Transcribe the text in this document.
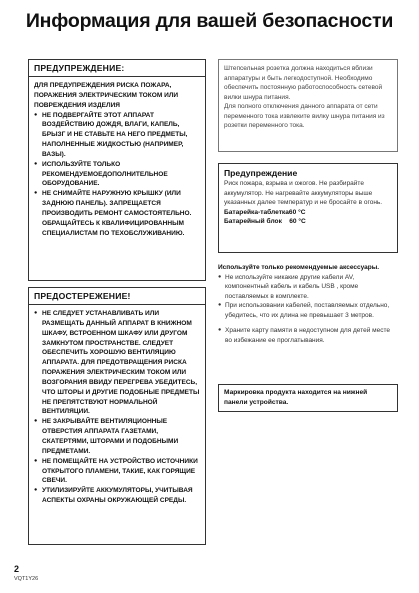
Информация для вашей безопасности
ПРЕДУПРЕЖДЕНИЕ:
ДЛЯ ПРЕДУПРЕЖДЕНИЯ РИСКА ПОЖАРА, ПОРАЖЕНИЯ ЭЛЕКТРИЧЕСКИМ ТОКОМ ИЛИ ПОВРЕЖДЕНИЯ ИЗДЕЛИЯ
● НЕ ПОДВЕРГАЙТЕ ЭТОТ АППАРАТ ВОЗДЕЙСТВИЮ ДОЖДЯ, ВЛАГИ, КАПЕЛЬ, БРЫЗГ И НЕ СТАВЬТЕ НА НЕГО ПРЕДМЕТЫ, НАПОЛНЕННЫЕ ЖИДКОСТЬЮ (НАПРИМЕР, ВАЗЫ).
● ИСПОЛЬЗУЙТЕ ТОЛЬКО РЕКОМЕНДУЕМОЕДОПОЛНИТЕЛЬНОЕ ОБОРУДОВАНИЕ.
● НЕ СНИМАЙТЕ НАРУЖНУЮ КРЫШКУ (ИЛИ ЗАДНЮЮ ПАНЕЛЬ). ЗАПРЕЩАЕТСЯ ПРОИЗВОДИТЬ РЕМОНТ САМОСТОЯТЕЛЬНО. ОБРАЩАЙТЕСЬ К КВАЛИФИЦИРОВАННЫМ СПЕЦИАЛИСТАМ ПО ТЕХОБСЛУЖИВАНИЮ.
ПРЕДОСТЕРЕЖЕНИЕ!
● НЕ СЛЕДУЕТ УСТАНАВЛИВАТЬ ИЛИ РАЗМЕЩАТЬ ДАННЫЙ АППАРАТ В КНИЖНОМ ШКАФУ, ВСТРОЕННОМ ШКАФУ ИЛИ ДРУГОМ ЗАМКНУТОМ ПРОСТРАНСТВЕ. СЛЕДУЕТ ОБЕСПЕЧИТЬ ХОРОШУЮ ВЕНТИЛЯЦИЮ АППАРАТА. ДЛЯ ПРЕДОТВРАЩЕНИЯ РИСКА ПОРАЖЕНИЯ ЭЛЕКТРИЧЕСКИМ ТОКОМ ИЛИ ВОЗГОРАНИЯ ВВИДУ ПЕРЕГРЕВА УБЕДИТЕСЬ, ЧТО ШТОРЫ И ДРУГИЕ ПОДОБНЫЕ ПРЕДМЕТЫ НЕ ПРЕПЯТСТВУЮТ НОРМАЛЬНОЙ ВЕНТИЛЯЦИИ.
● НЕ ЗАКРЫВАЙТЕ ВЕНТИЛЯЦИОННЫЕ ОТВЕРСТИЯ АППАРАТА ГАЗЕТАМИ, СКАТЕРТЯМИ, ШТОРАМИ И ПОДОБНЫМИ ПРЕДМЕТАМИ.
● НЕ ПОМЕЩАЙТЕ НА УСТРОЙСТВО ИСТОЧНИКИ ОТКРЫТОГО ПЛАМЕНИ, ТАКИЕ, КАК ГОРЯЩИЕ СВЕЧИ.
● УТИЛИЗИРУЙТЕ АККУМУЛЯТОРЫ, УЧИТЫВАЯ АСПЕКТЫ ОХРАНЫ ОКРУЖАЮЩЕЙ СРЕДЫ.

Штепсельная розетка должна находиться вблизи аппаратуры и быть легкодоступной. Необходимо обеспечить постоянную работоспособность сетевой вилки шнура питания.

Для полного отключения данного аппарата от сети переменного тока извлеките вилку шнура питания из розетки переменного тока.

Предупреждение
Риск пожара, взрыва и ожогов. Не разбирайте аккумулятор. Не нагревайте аккумуляторы выше указанных далее температур и не бросайте в огонь.
Батарейка-таблетка60 °C
Батарейный блок    60 °C
Используйте только рекомендуемые аксессуары.
● Не используйте никакие другие кабели AV, компонентный кабель и кабель USB , кроме поставляемых в комплекте.
● При использовании кабелей, поставляемых отдельно, убедитесь, что их длина не превышает 3 метров.
● Храните карту памяти в недоступном для детей месте во избежание ее проглатывания.
Маркировка продукта находится на нижней панели устройства.
2
VQT1Y26
